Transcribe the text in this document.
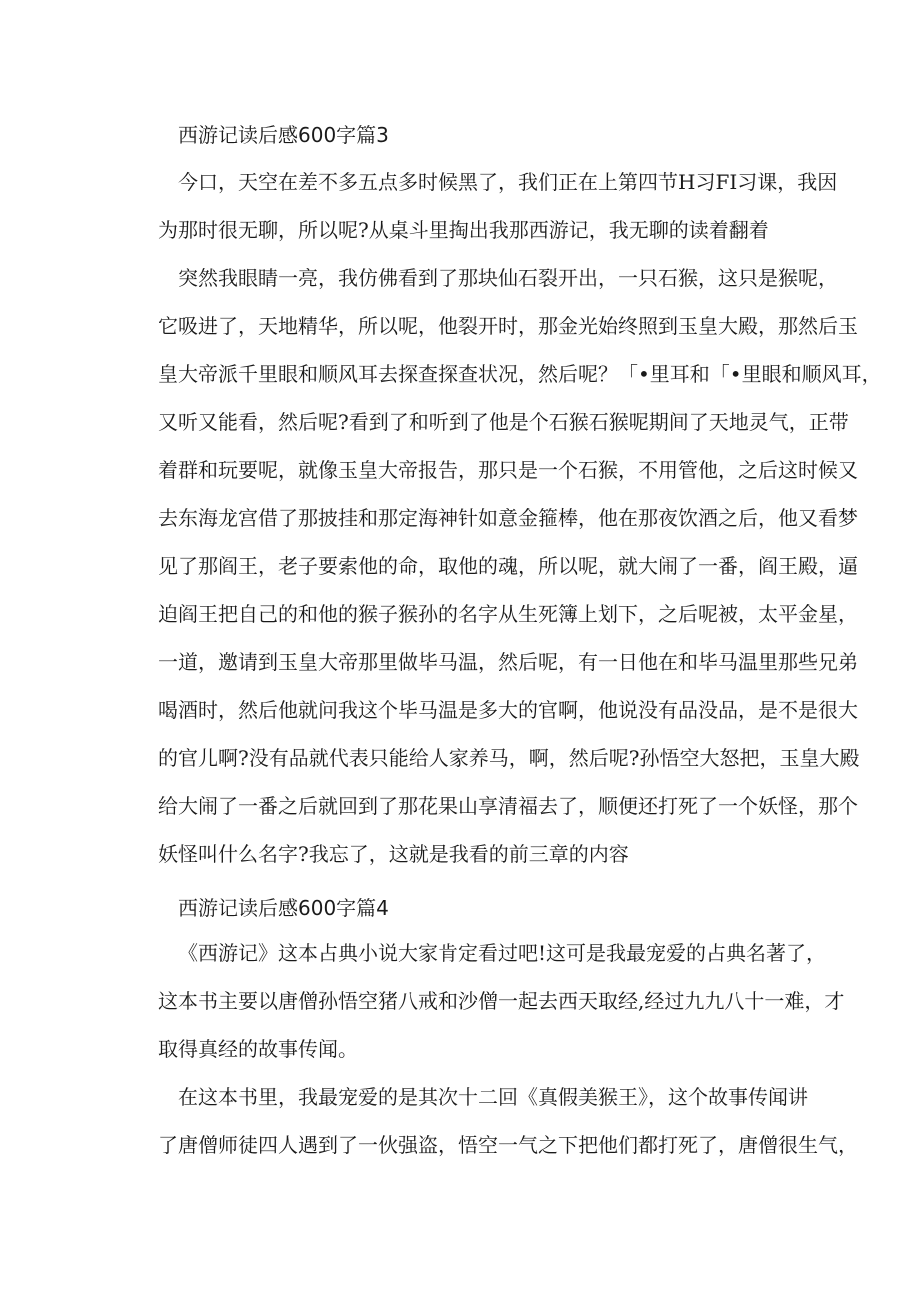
西游记读后感600字篇3
今口，天空在差不多五点多时候黑了，我们正在上第四节H习FI习课，我因
为那时很无聊，所以呢?从桌斗里掏出我那西游记，我无聊的读着翻着
突然我眼睛一亮，我仿佛看到了那块仙石裂开出，一只石猴，这只是猴呢，
它吸进了，天地精华，所以呢，他裂开时，那金光始终照到玉皇大殿，那然后玉
皇大帝派千里眼和顺风耳去探查探查状况，然后呢？「•里耳和「•里眼和顺风耳，
又听又能看，然后呢?看到了和听到了他是个石猴石猴呢期间了天地灵气，正带
着群和玩要呢，就像玉皇大帝报告，那只是一个石猴，不用管他，之后这时候又
去东海龙宫借了那披挂和那定海神针如意金箍棒，他在那夜饮酒之后，他又看梦
见了那阎王，老子要索他的命，取他的魂，所以呢，就大闹了一番，阎王殿，逼
迫阎王把自己的和他的猴子猴孙的名字从生死簿上划下，之后呢被，太平金星，
一道，邀请到玉皇大帝那里做毕马温，然后呢，有一日他在和毕马温里那些兄弟
喝酒时，然后他就问我这个毕马温是多大的官啊，他说没有品没品，是不是很大
的官儿啊?没有品就代表只能给人家养马，啊，然后呢?孙悟空大怒把，玉皇大殿
给大闹了一番之后就回到了那花果山享清福去了，顺便还打死了一个妖怪，那个
妖怪叫什么名字?我忘了，这就是我看的前三章的内容
西游记读后感600字篇4
《西游记》这本占典小说大家肯定看过吧!这可是我最宠爱的占典名著了，
这本书主要以唐僧孙悟空猪八戒和沙僧一起去西天取经,经过九九八十一难，才
取得真经的故事传闻。
在这本书里，我最宠爱的是其次十二回《真假美猴王》，这个故事传闻讲
了唐僧师徒四人遇到了一伙强盗，悟空一气之下把他们都打死了，唐僧很生气，
